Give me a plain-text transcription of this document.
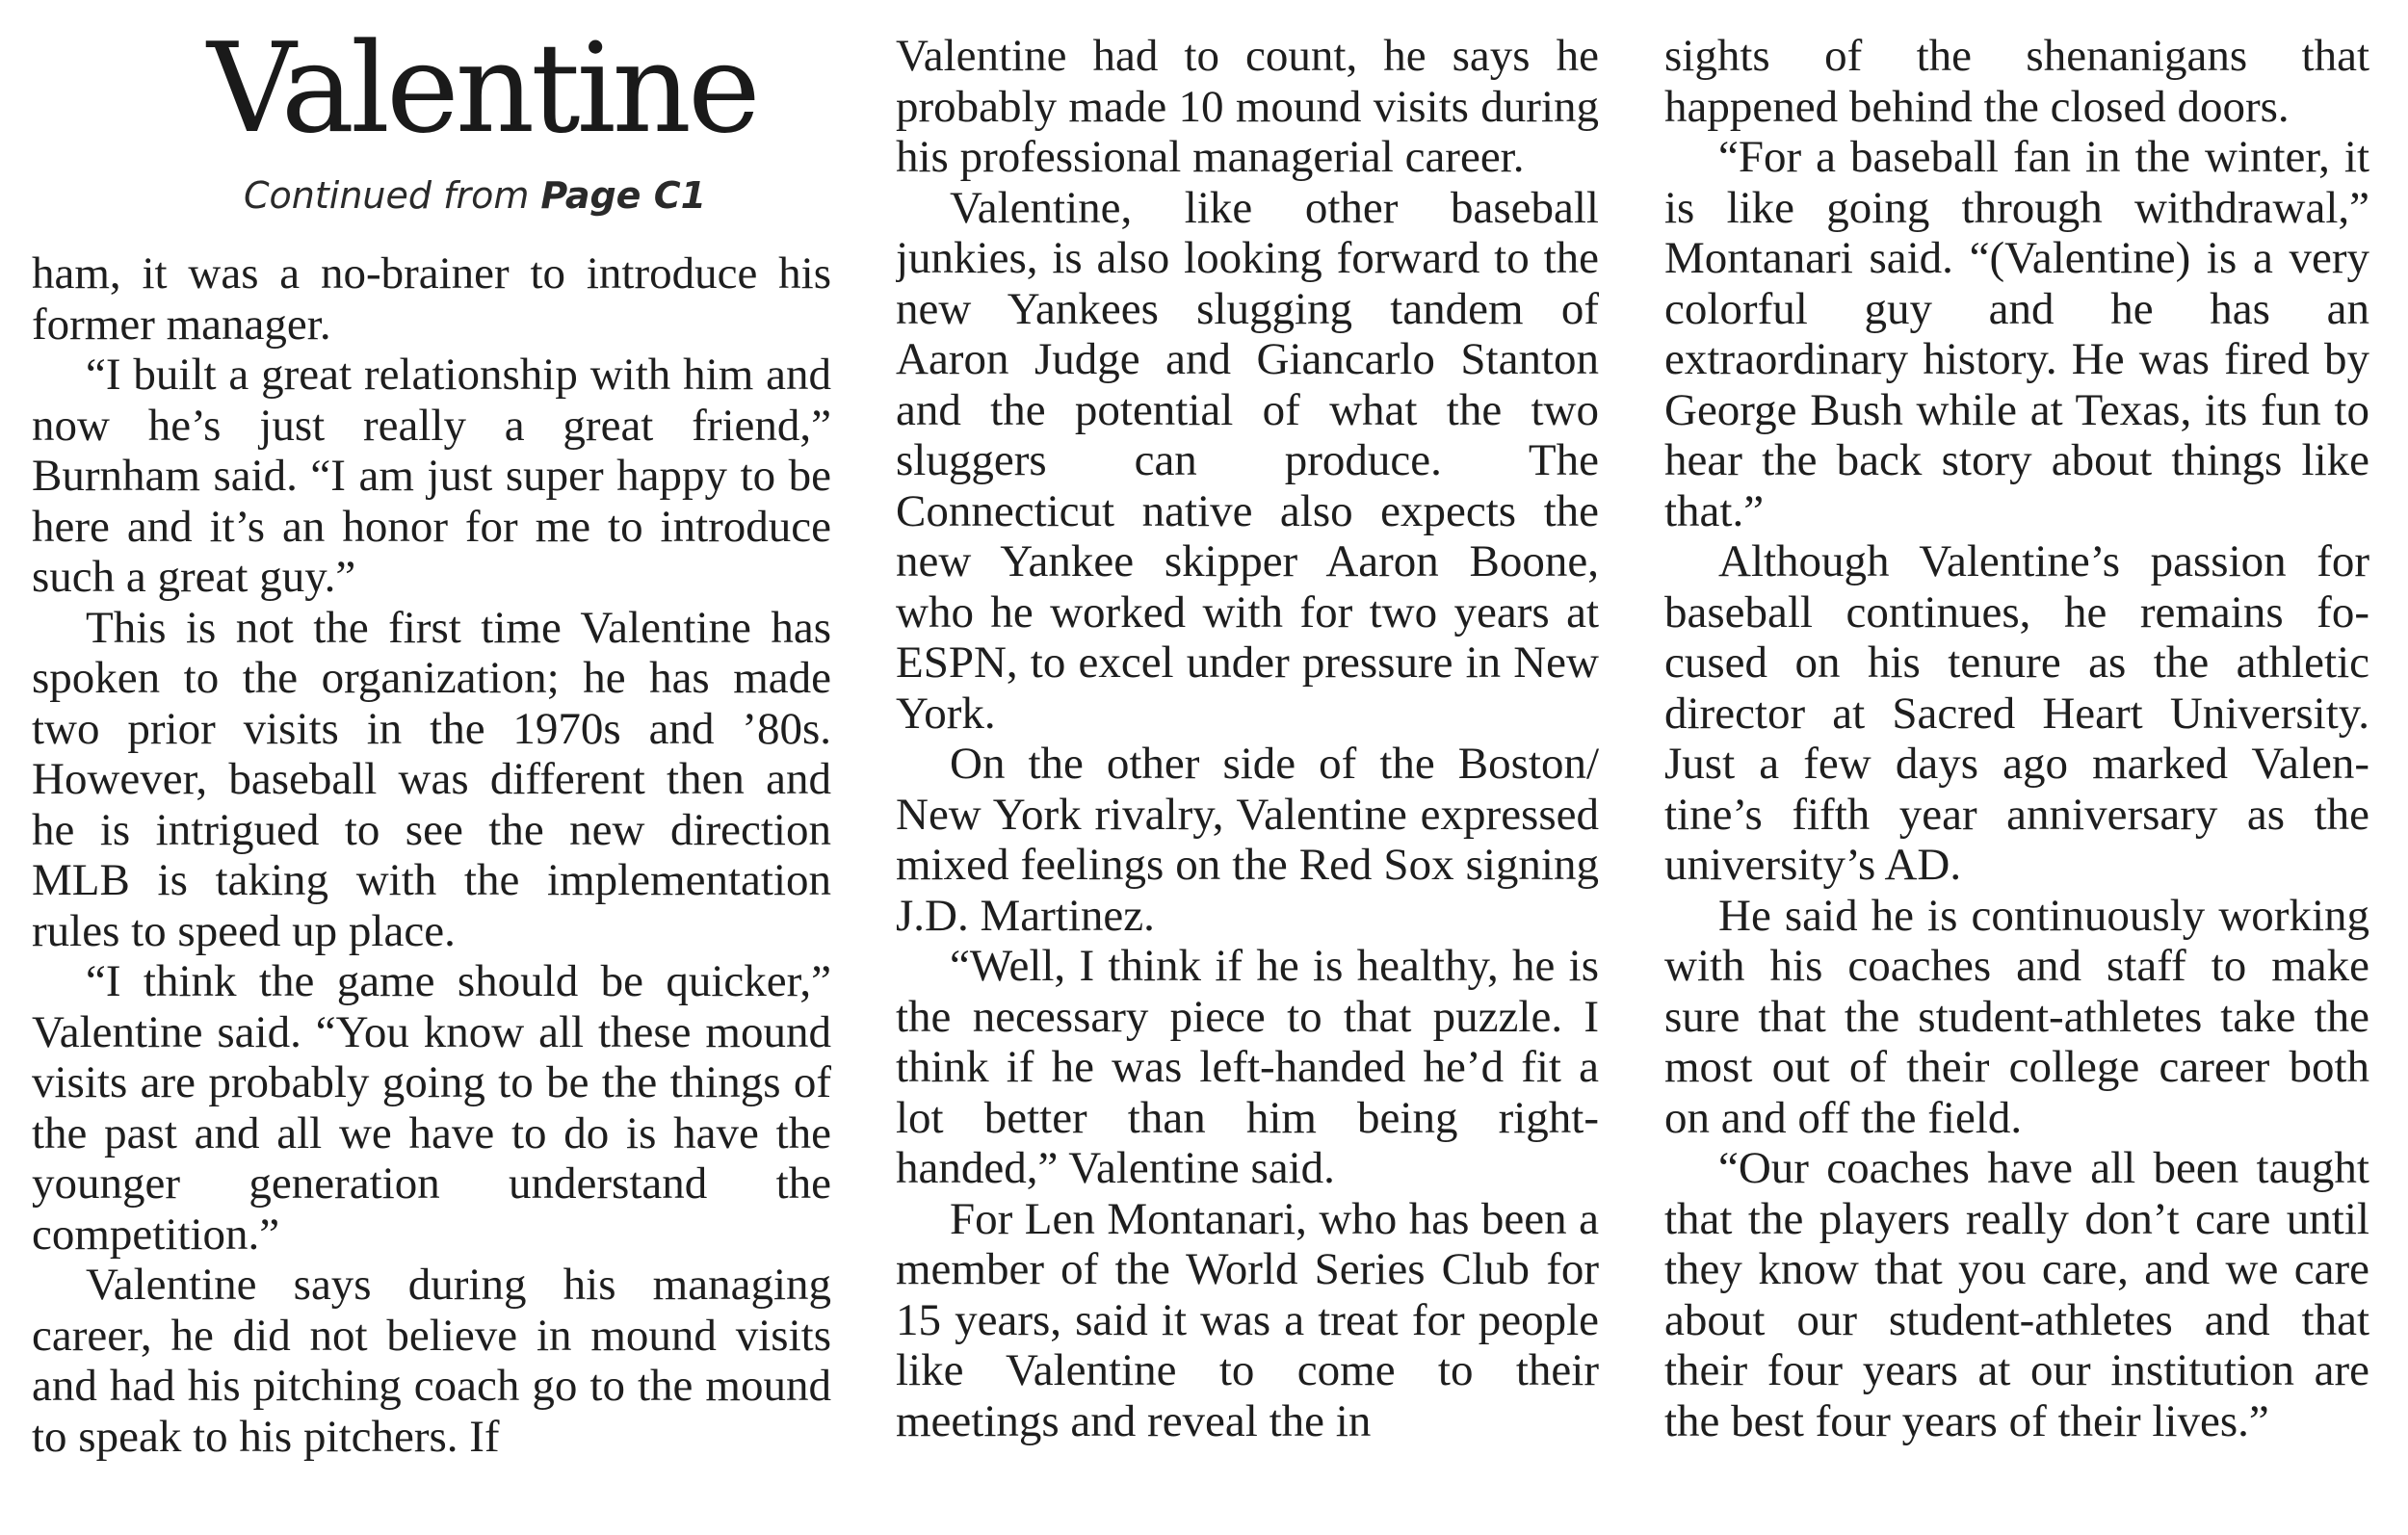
Valentine
Continued from Page C1

ham, it was a no-brainer to introduce his former manager.

“I built a great relationship with him and now he’s just really a great friend,” Burnham said. “I am just super happy to be here and it’s an honor for me to introduce such a great guy.”

This is not the first time Valentine has spoken to the organization; he has made two prior visits in the 1970s and ’80s. However, baseball was different then and he is intrigued to see the new direction MLB is taking with the implementation rules to speed up place.

“I think the game should be quicker,” Valentine said. “You know all these mound visits are probably going to be the things of the past and all we have to do is have the younger generation understand the competition.”

Valentine says during his managing career, he did not believe in mound visits and had his pitching coach go to the mound to speak to his pitchers. If

Valentine had to count, he says he probably made 10 mound visits during his professional managerial career.

Valentine, like other baseball junkies, is also looking forward to the new Yankees slugging tandem of Aaron Judge and Giancarlo Stanton and the potential of what the two sluggers can produce. The Connecticut native also expects the new Yankee skipper Aaron Boone, who he worked with for two years at ESPN, to excel under pressure in New York.

On the other side of the Boston/ New York rivalry, Valentine expressed mixed feelings on the Red Sox signing J.D. Martinez.

“Well, I think if he is healthy, he is the necessary piece to that puzzle. I think if he was left-handed he’d fit a lot better than him being right-handed,” Valentine said.

For Len Montanari, who has been a member of the World Series Club for 15 years, said it was a treat for people like Valentine to come to their meetings and reveal the in

sights of the shenanigans that happened behind the closed doors.

“For a baseball fan in the winter, it is like going through withdrawal,” Montanari said. “(Valentine) is a very colorful guy and he has an extraordinary history. He was fired by George Bush while at Texas, its fun to hear the back story about things like that.”

Although Valentine’s passion for baseball continues, he remains focused on his tenure as the athletic director at Sacred Heart University. Just a few days ago marked Valentine’s fifth year anniversary as the university’s AD.

He said he is continuously working with his coaches and staff to make sure that the student-athletes take the most out of their college career both on and off the field.

“Our coaches have all been taught that the players really don’t care until they know that you care, and we care about our student-athletes and that their four years at our institution are the best four years of their lives.”
